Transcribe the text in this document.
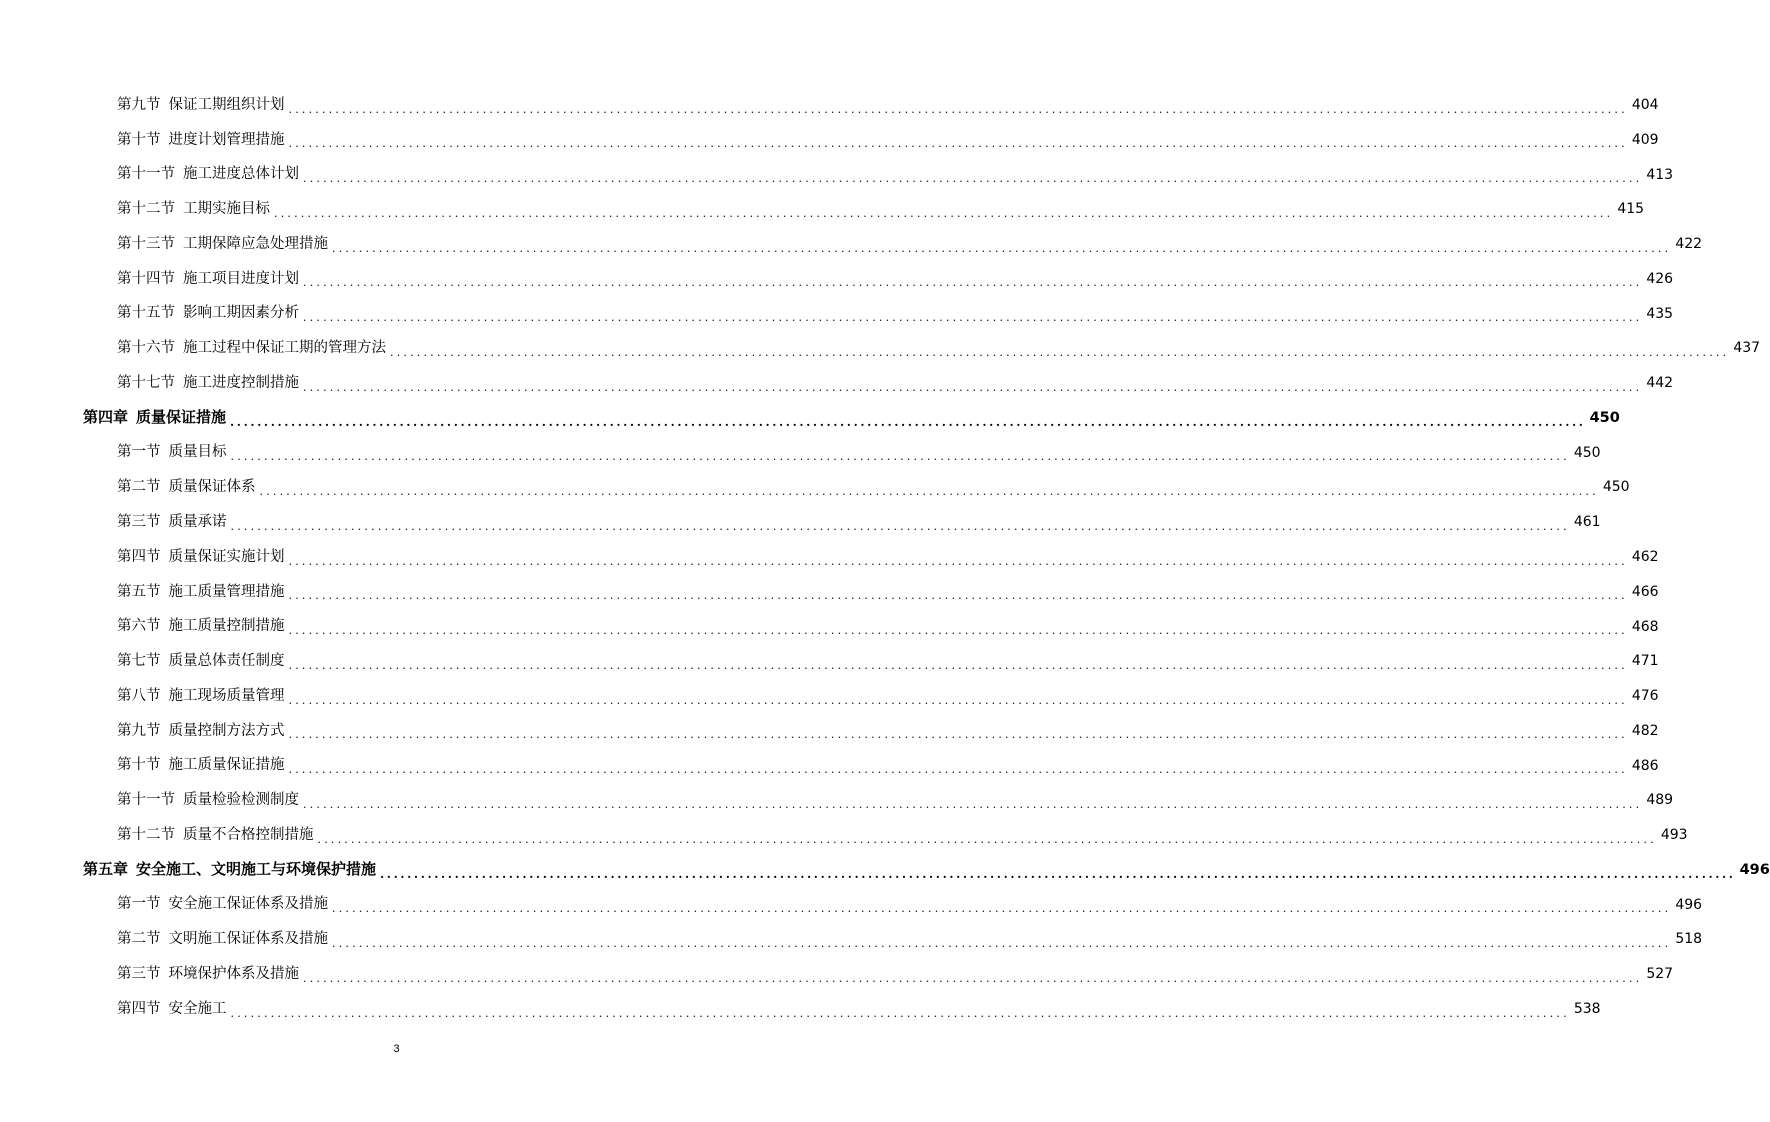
第九节 保证工期组织计划 ........................................................................................................................................................................................................ 404
第十节 进度计划管理措施 ........................................................................................................................................................................................................ 409
第十一节 施工进度总体计划 ........................................................................................................................................................................................................ 413
第十二节 工期实施目标 ........................................................................................................................................................................................................ 415
第十三节 工期保障应急处理措施 ........................................................................................................................................................................................................ 422
第十四节 施工项目进度计划 ........................................................................................................................................................................................................ 426
第十五节 影响工期因素分析 ........................................................................................................................................................................................................ 435
第十六节 施工过程中保证工期的管理方法 ........................................................................................................................................................................................................ 437
第十七节 施工进度控制措施 ........................................................................................................................................................................................................ 442
第四章 质量保证措施 ........................................................................................................................................................................................................ 450
第一节 质量目标 ........................................................................................................................................................................................................ 450
第二节 质量保证体系 ........................................................................................................................................................................................................ 450
第三节 质量承诺 ........................................................................................................................................................................................................ 461
第四节 质量保证实施计划 ........................................................................................................................................................................................................ 462
第五节 施工质量管理措施 ........................................................................................................................................................................................................ 466
第六节 施工质量控制措施 ........................................................................................................................................................................................................ 468
第七节 质量总体责任制度 ........................................................................................................................................................................................................ 471
第八节 施工现场质量管理 ........................................................................................................................................................................................................ 476
第九节 质量控制方法方式 ........................................................................................................................................................................................................ 482
第十节 施工质量保证措施 ........................................................................................................................................................................................................ 486
第十一节 质量检验检测制度 ........................................................................................................................................................................................................ 489
第十二节 质量不合格控制措施 ........................................................................................................................................................................................................ 493
第五章 安全施工、文明施工与环境保护措施 ........................................................................................................................................................................................................ 496
第一节 安全施工保证体系及措施 ........................................................................................................................................................................................................ 496
第二节 文明施工保证体系及措施 ........................................................................................................................................................................................................ 518
第三节 环境保护体系及措施 ........................................................................................................................................................................................................ 527
第四节 安全施工 ........................................................................................................................................................................................................ 538
3
